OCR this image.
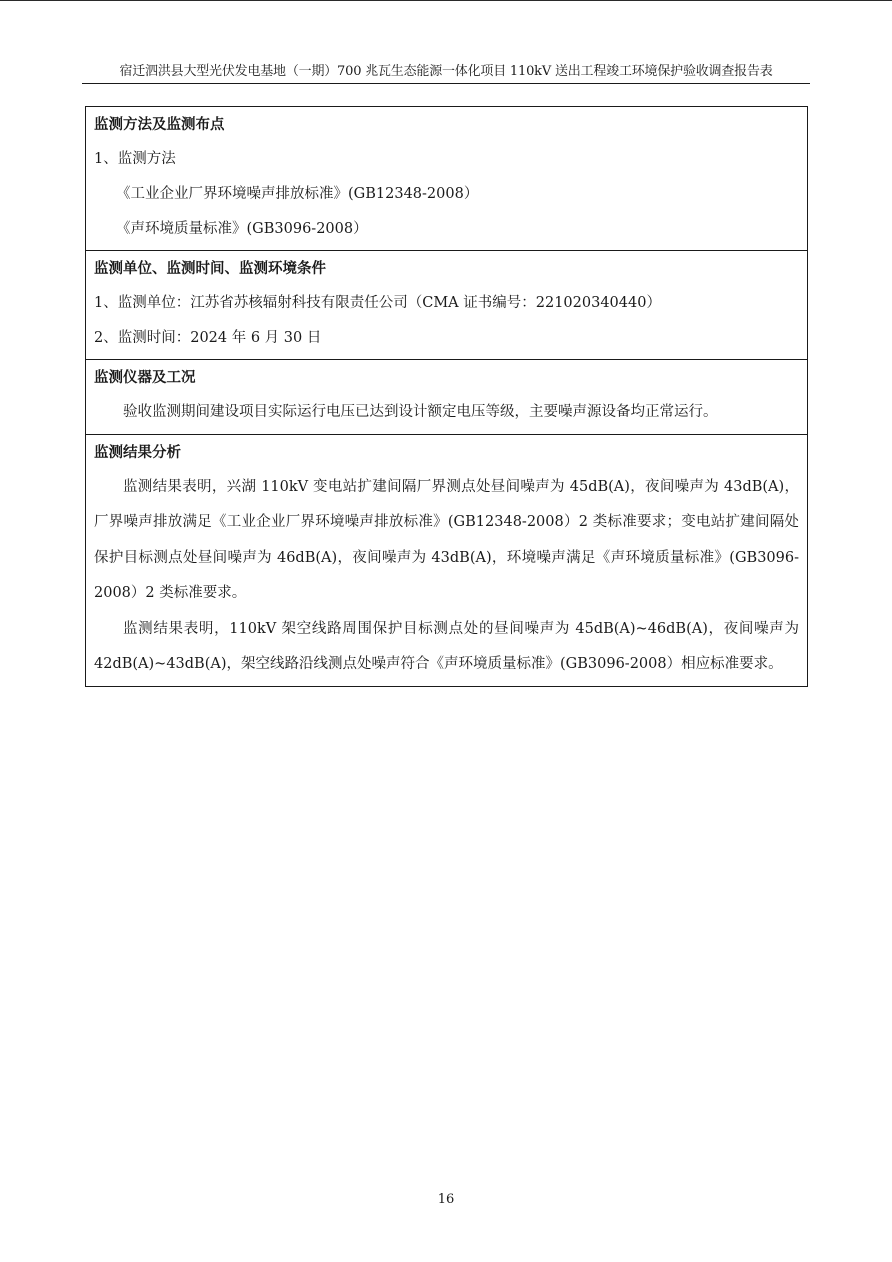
宿迁泗洪县大型光伏发电基地（一期）700 兆瓦生态能源一体化项目 110kV 送出工程竣工环境保护验收调查报告表
监测方法及监测布点
1、监测方法
《工业企业厂界环境噪声排放标准》(GB12348-2008）
《声环境质量标准》(GB3096-2008）
监测单位、监测时间、监测环境条件
1、监测单位：江苏省苏核辐射科技有限责任公司（CMA 证书编号：221020340440）
2、监测时间：2024 年 6 月 30 日
监测仪器及工况

验收监测期间建设项目实际运行电压已达到设计额定电压等级，主要噪声源设备均正常运行。

监测结果分析

监测结果表明，兴湖 110kV 变电站扩建间隔厂界测点处昼间噪声为 45dB(A)，夜间噪声为 43dB(A)，厂界噪声排放满足《工业企业厂界环境噪声排放标准》(GB12348-2008）2 类标准要求；变电站扩建间隔处保护目标测点处昼间噪声为 46dB(A)，夜间噪声为 43dB(A)，环境噪声满足《声环境质量标准》(GB3096-2008）2 类标准要求。

监测结果表明，110kV 架空线路周围保护目标测点处的昼间噪声为 45dB(A)~46dB(A)，夜间噪声为 42dB(A)~43dB(A)，架空线路沿线测点处噪声符合《声环境质量标准》(GB3096-2008）相应标准要求。

16
